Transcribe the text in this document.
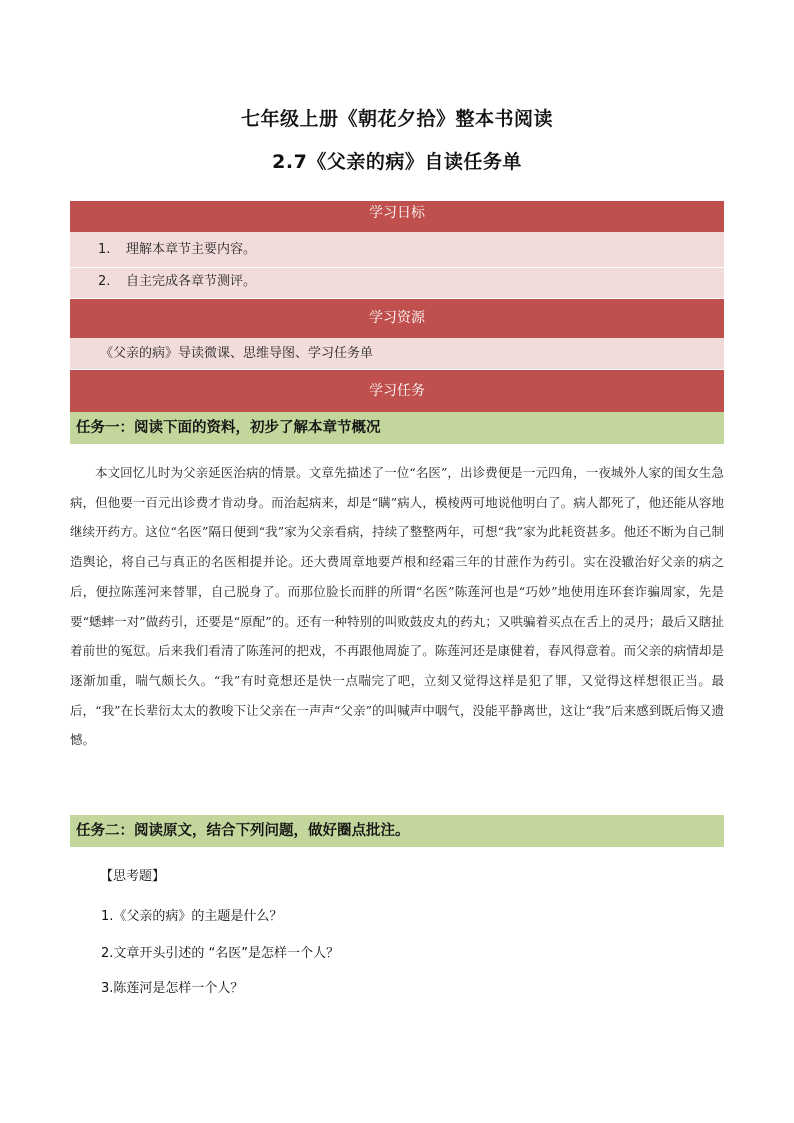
七年级上册《朝花夕拾》整本书阅读
2.7《父亲的病》自读任务单
学习日标
1. 理解本章节主要内容。
2. 自主完成各章节测评。
学习资源
《父亲的病》导读微课、思维导图、学习任务单
学习任务
任务一：阅读下面的资料，初步了解本章节概况
本文回忆儿时为父亲延医治病的情景。文章先描述了一位“名医”，出诊费便是一元四角，一夜城外人家的闺女生急病，但他要一百元出诊费才肯动身。而治起病来，却是“瞒”病人，模棱两可地说他明白了。病人都死了，他还能从容地继续开药方。这位“名医”隔日便到“我”家为父亲看病，持续了整整两年，可想“我”家为此耗资甚多。他还不断为自己制造舆论，将自己与真正的名医相提并论。还大费周章地要芦根和经霜三年的甘蔗作为药引。实在没辙治好父亲的病之后，便拉陈莲河来替罪，自己脱身了。而那位脸长而胖的所谓“名医”陈莲河也是“巧妙”地使用连环套诈骗周家，先是要“蟋蟀一对”做药引，还要是“原配”的。还有一种特别的叫败鼓皮丸的药丸；又哄骗着买点在舌上的灵丹；最后又瞎扯着前世的冤愆。后来我们看清了陈莲河的把戏，不再跟他周旋了。陈莲河还是康健着，春风得意着。而父亲的病情却是逐渐加重，喘气颇长久。“我”有时竟想还是快一点喘完了吧，立刻又觉得这样是犯了罪，又觉得这样想很正当。最后，“我”在长辈衍太太的教唆下让父亲在一声声“父亲”的叫喊声中咽气，没能平静离世，这让“我”后来感到既后悔又遗憾。
任务二：阅读原文，结合下列问题，做好圈点批注。
【思考题】
1.《父亲的病》的主题是什么？
2.文章开头引述的 “名医”是怎样一个人？
3.陈莲河是怎样一个人？
